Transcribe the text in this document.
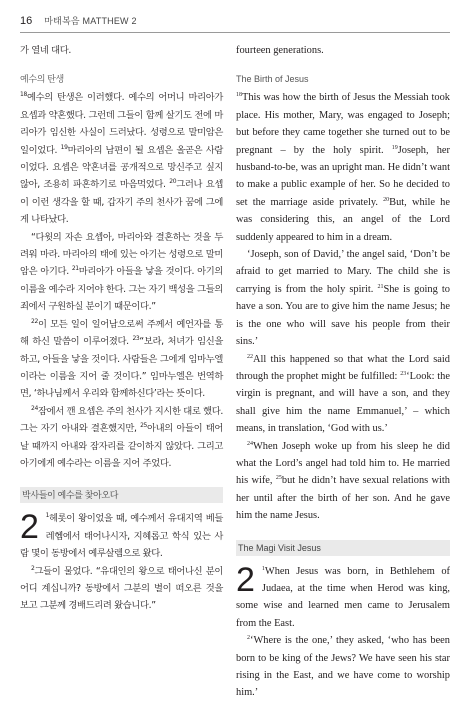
16 마태복음 MATTHEW 2

가 열네 대다.

예수의 탄생

$^{18}$예수의 탄생은 이러했다. 예수의 어머니 마리아가 요셉과 약혼했다. 그런데 그들이 함께 살기도 전에 마리아가 임신한 사실이 드러났다. 성령으로 말미암은 일이었다. $^{19}$마리아의 남편이 될 요셉은 올곧은 사람이었다. 요셉은 약혼녀를 공개적으로 망신주고 싶지 않아, 조용히 파혼하기로 마음먹었다. $^{20}$그러나 요셉이 이런 생각을 할 때, 갑자기 주의 천사가 꿈에 그에게 나타났다.

“다윗의 자손 요셉아, 마리아와 결혼하는 것을 두려워 마라. 마리아의 태에 있는 아기는 성령으로 말미암은 아기다. $^{21}$마리아가 아들을 낳을 것이다. 아기의 이름을 예수라 지어야 한다. 그는 자기 백성을 그들의 죄에서 구원하실 분이기 때문이다.”

$^{22}$이 모든 일이 일어남으로써 주께서 예언자를 통해 하신 말씀이 이루어졌다. $^{23}$“보라, 처녀가 임신을 하고, 아들을 낳을 것이다. 사람들은 그에게 임마누엘이라는 이름을 지어 줄 것이다.” 임마누엘은 번역하면, ‘하나님께서 우리와 함께하신다’라는 뜻이다.

$^{24}$잠에서 깬 요셉은 주의 천사가 지시한 대로 했다. 그는 자기 아내와 결혼했지만, $^{25}$아내의 아들이 태어날 때까지 아내와 잠자리를 같이하지 않았다. 그리고 아기에게 예수라는 이름을 지어 주었다.

박사들이 예수를 찾아오다

2 $^1$헤롯이 왕이었을 때, 예수께서 유대지역 베들레헴에서 태어나시자, 지혜롭고 학식 있는 사람 몇이 동방에서 예루살렘으로 왔다.

$^2$그들이 물었다. “유대인의 왕으로 태어나신 분이 어디 계십니까? 동방에서 그분의 별이 떠오른 것을 보고 그분께 경배드리려 왔습니다.”

fourteen generations.

The Birth of Jesus

$^{18}$This was how the birth of Jesus the Messiah took place. His mother, Mary, was engaged to Joseph; but before they came together she turned out to be pregnant – by the holy spirit. $^{19}$Joseph, her husband-to-be, was an upright man. He didn’t want to make a public example of her. So he decided to set the marriage aside privately. $^{20}$But, while he was considering this, an angel of the Lord suddenly appeared to him in a dream.

‘Joseph, son of David,’ the angel said, ‘Don’t be afraid to get married to Mary. The child she is carrying is from the holy spirit. $^{21}$She is going to have a son. You are to give him the name Jesus; he is the one who will save his people from their sins.’

$^{22}$All this happened so that what the Lord said through the prophet might be fulfilled: $^{23}$‘Look: the virgin is pregnant, and will have a son, and they shall give him the name Emmanuel,’ – which means, in translation, ‘God with us.’

$^{24}$When Joseph woke up from his sleep he did what the Lord’s angel had told him to. He married his wife, $^{25}$but he didn’t have sexual relations with her until after the birth of her son. And he gave him the name Jesus.

The Magi Visit Jesus

2 $^1$When Jesus was born, in Bethlehem of Judaea, at the time when Herod was king, some wise and learned men came to Jerusalem from the East.

$^2$‘Where is the one,’ they asked, ‘who has been born to be king of the Jews? We have seen his star rising in the East, and we have come to worship him.’
